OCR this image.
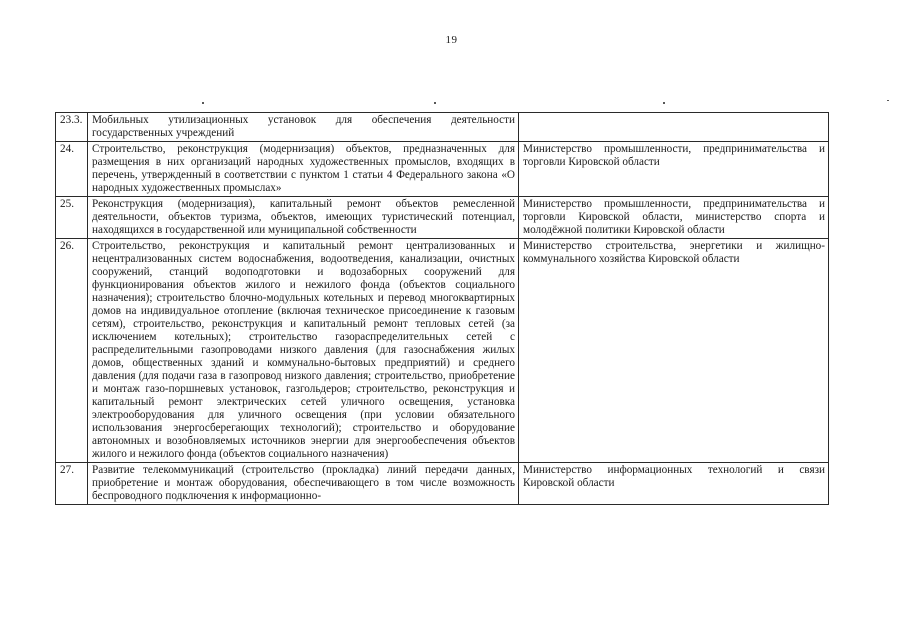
19
23.3.	Мобильных утилизационных установок для обеспечения деятельности государственных учреждений	
24.	Строительство, реконструкция (модернизация) объектов, предназначенных для размещения в них организаций народных художественных промыслов, входящих в перечень, утвержденный в соответствии с пунктом 1 статьи 4 Федерального закона «О народных художественных промыслах»	Министерство промышленности, предпринимательства и торговли Кировской области
25.	Реконструкция (модернизация), капитальный ремонт объектов ремесленной деятельности, объектов туризма, объектов, имеющих туристический потенциал, находящихся в государственной или муниципальной собственности	Министерство промышленности, предпринимательства и торговли Кировской области, министерство спорта и молодёжной политики Кировской области
26.	Строительство, реконструкция и капитальный ремонт централизованных и нецентрализованных систем водоснабжения, водоотведения, канализации, очистных сооружений, станций водоподготовки и водозаборных сооружений для функционирования объектов жилого и нежилого фонда (объектов социального назначения); строительство блочно-модульных котельных и перевод многоквартирных домов на индивидуальное отопление (включая техническое присоединение к газовым сетям), строительство, реконструкция и капитальный ремонт тепловых сетей (за исключением котельных); строительство газораспределительных сетей с распределительными газопроводами низкого давления (для газоснабжения жилых домов, общественных зданий и коммунально-бытовых предприятий) и среднего давления (для подачи газа в газопровод низкого давления; строительство, приобретение и монтаж газо-поршневых установок, газгольдеров; строительство, реконструкция и капитальный ремонт электрических сетей уличного освещения, установка электрооборудования для уличного освещения (при условии обязательного использования энергосберегающих технологий); строительство и оборудование автономных и возобновляемых источников энергии для энергообеспечения объектов жилого и нежилого фонда (объектов социального назначения)	Министерство строительства, энергетики и жилищно-коммунального хозяйства Кировской области
27.	Развитие телекоммуникаций (строительство (прокладка) линий передачи данных, приобретение и монтаж оборудования, обеспечивающего в том числе возможность беспроводного подключения к информационно-	Министерство информационных технологий и связи Кировской области
